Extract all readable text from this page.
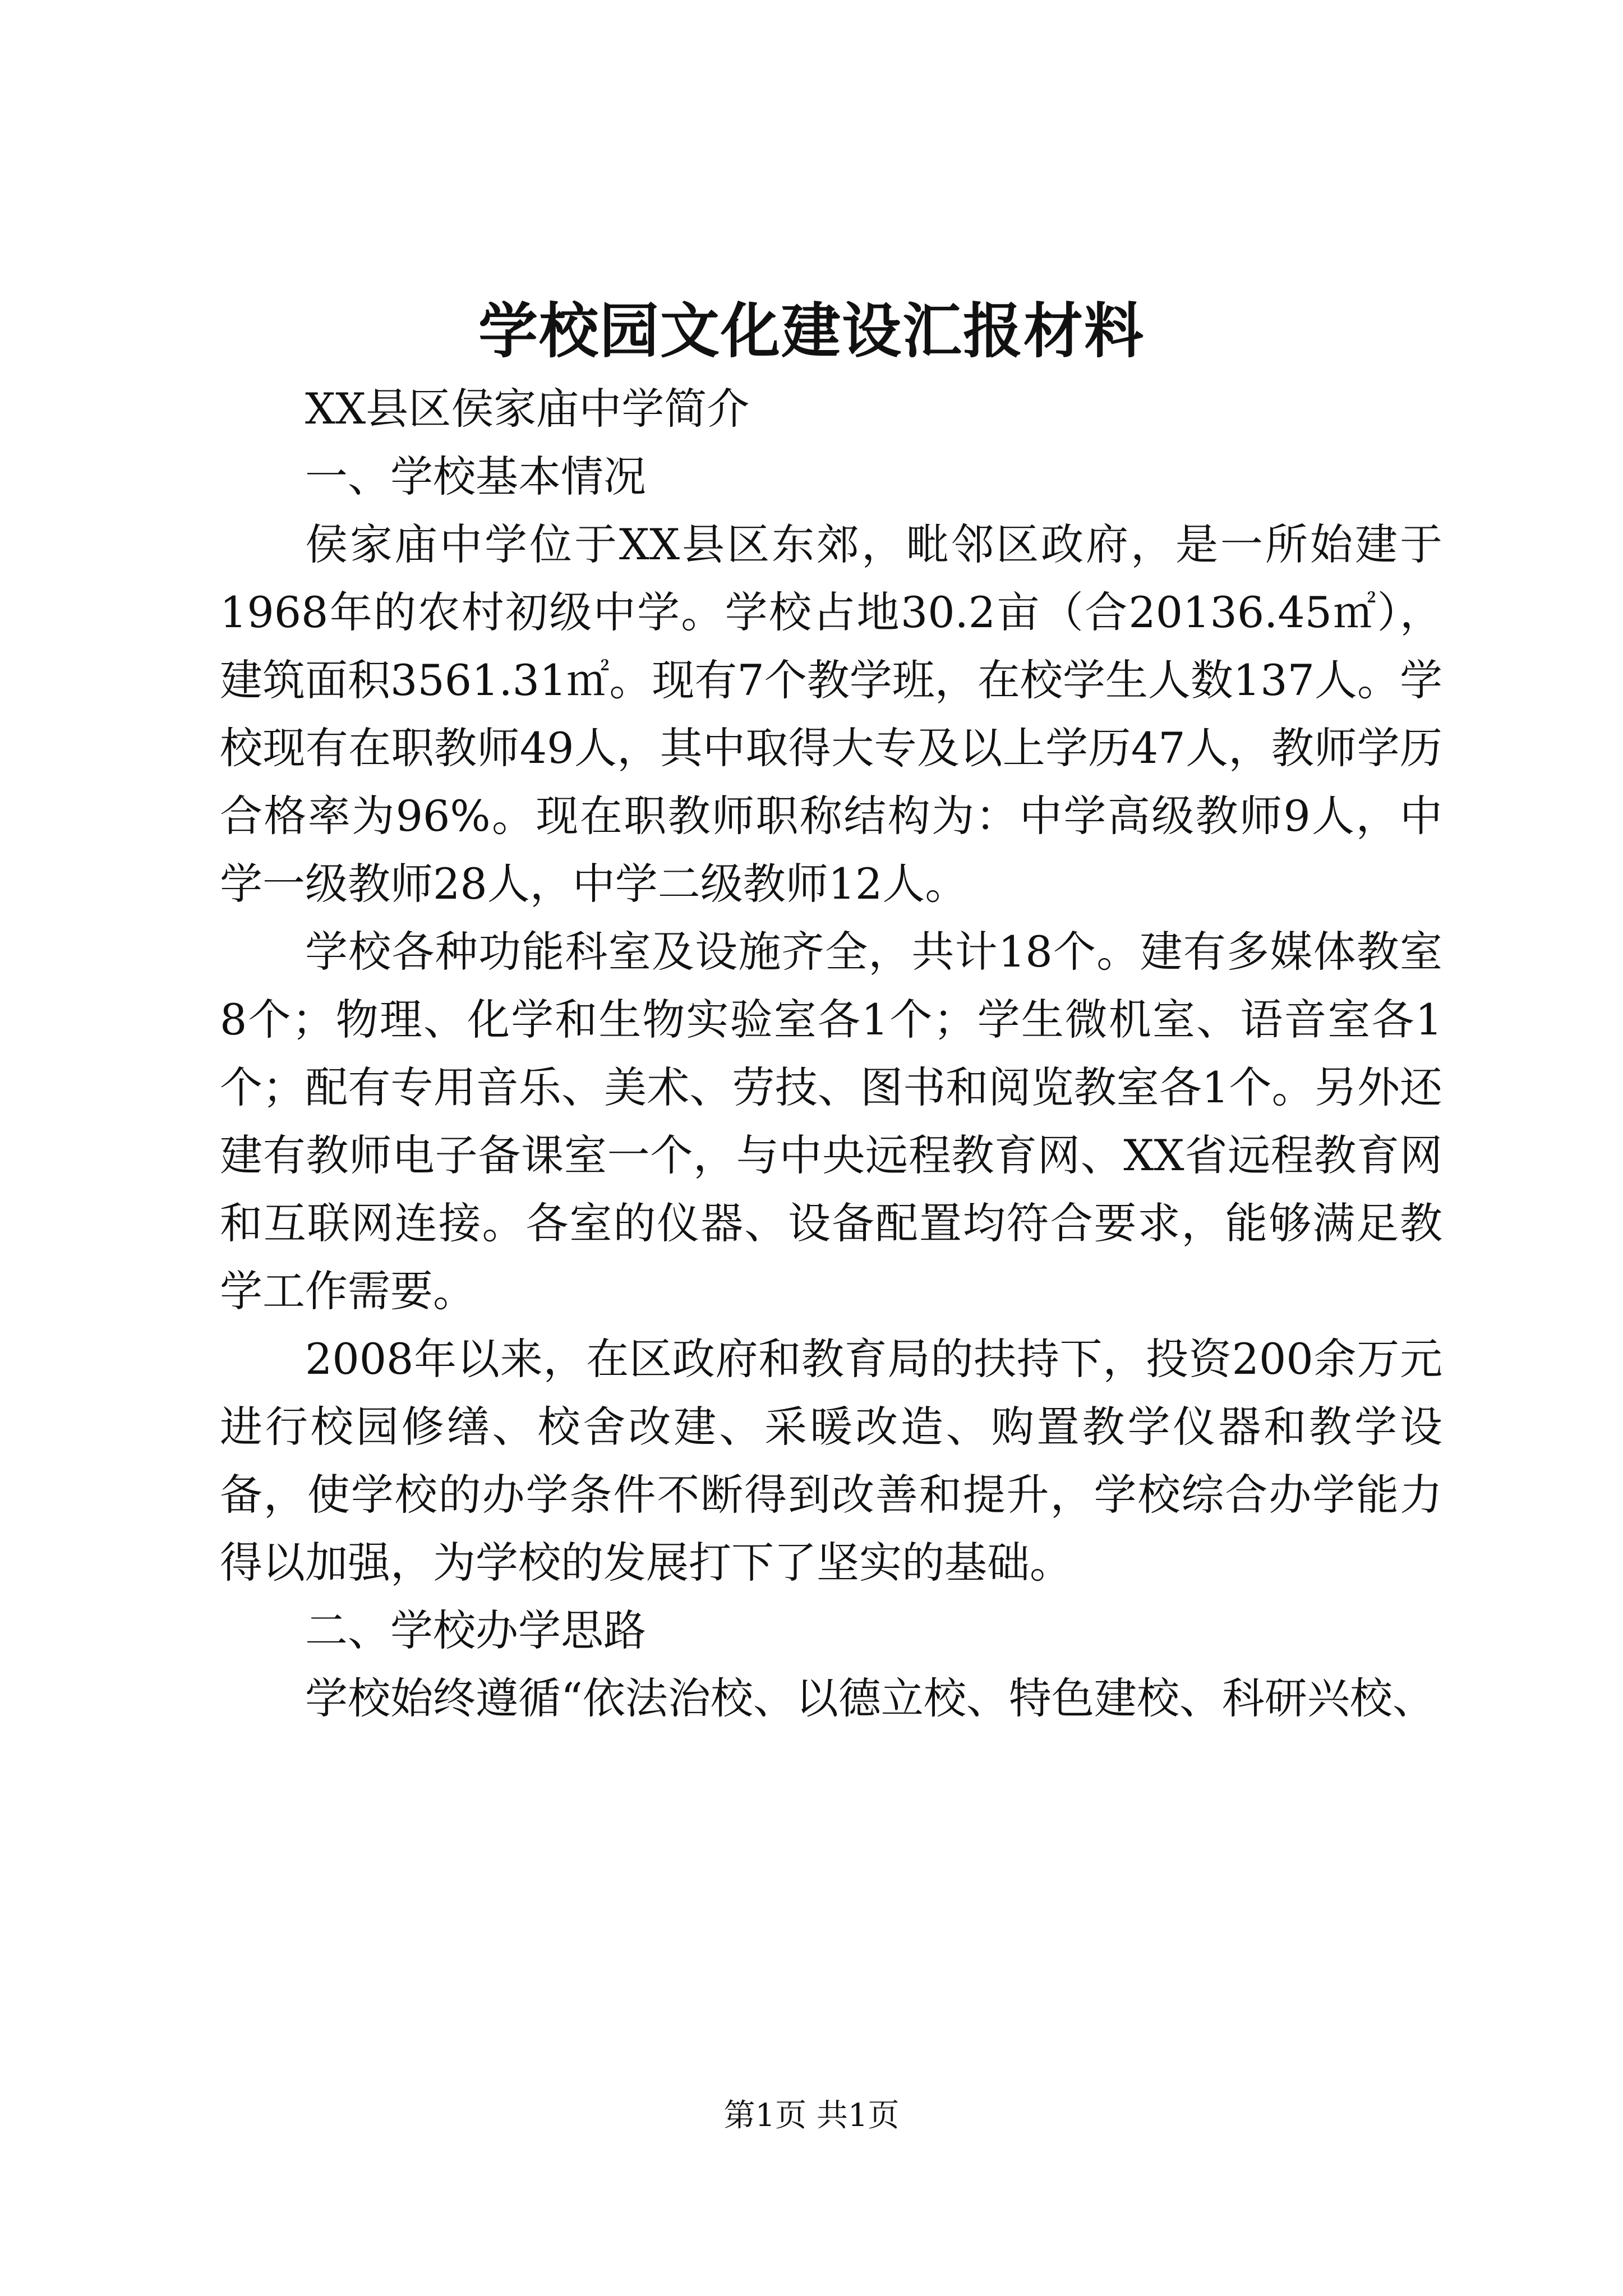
学校园文化建设汇报材料

XX县区侯家庙中学简介

一、学校基本情况

侯家庙中学位于XX县区东郊，毗邻区政府，是一所始建于1968年的农村初级中学。学校占地30.2亩（合20136.45㎡），建筑面积3561.31㎡。现有7个教学班，在校学生人数137人。学校现有在职教师49人，其中取得大专及以上学历47人，教师学历合格率为96%。现在职教师职称结构为：中学高级教师9人，中学一级教师28人，中学二级教师12人。

学校各种功能科室及设施齐全，共计18个。建有多媒体教室8个；物理、化学和生物实验室各1个；学生微机室、语音室各1个；配有专用音乐、美术、劳技、图书和阅览教室各1个。另外还建有教师电子备课室一个，与中央远程教育网、XX省远程教育网和互联网连接。各室的仪器、设备配置均符合要求，能够满足教学工作需要。

2008年以来，在区政府和教育局的扶持下，投资200余万元进行校园修缮、校舍改建、采暖改造、购置教学仪器和教学设备，使学校的办学条件不断得到改善和提升，学校综合办学能力得以加强，为学校的发展打下了坚实的基础。

二、学校办学思路

学校始终遵循“依法治校、以德立校、特色建校、科研兴校、

第1页 共1页
